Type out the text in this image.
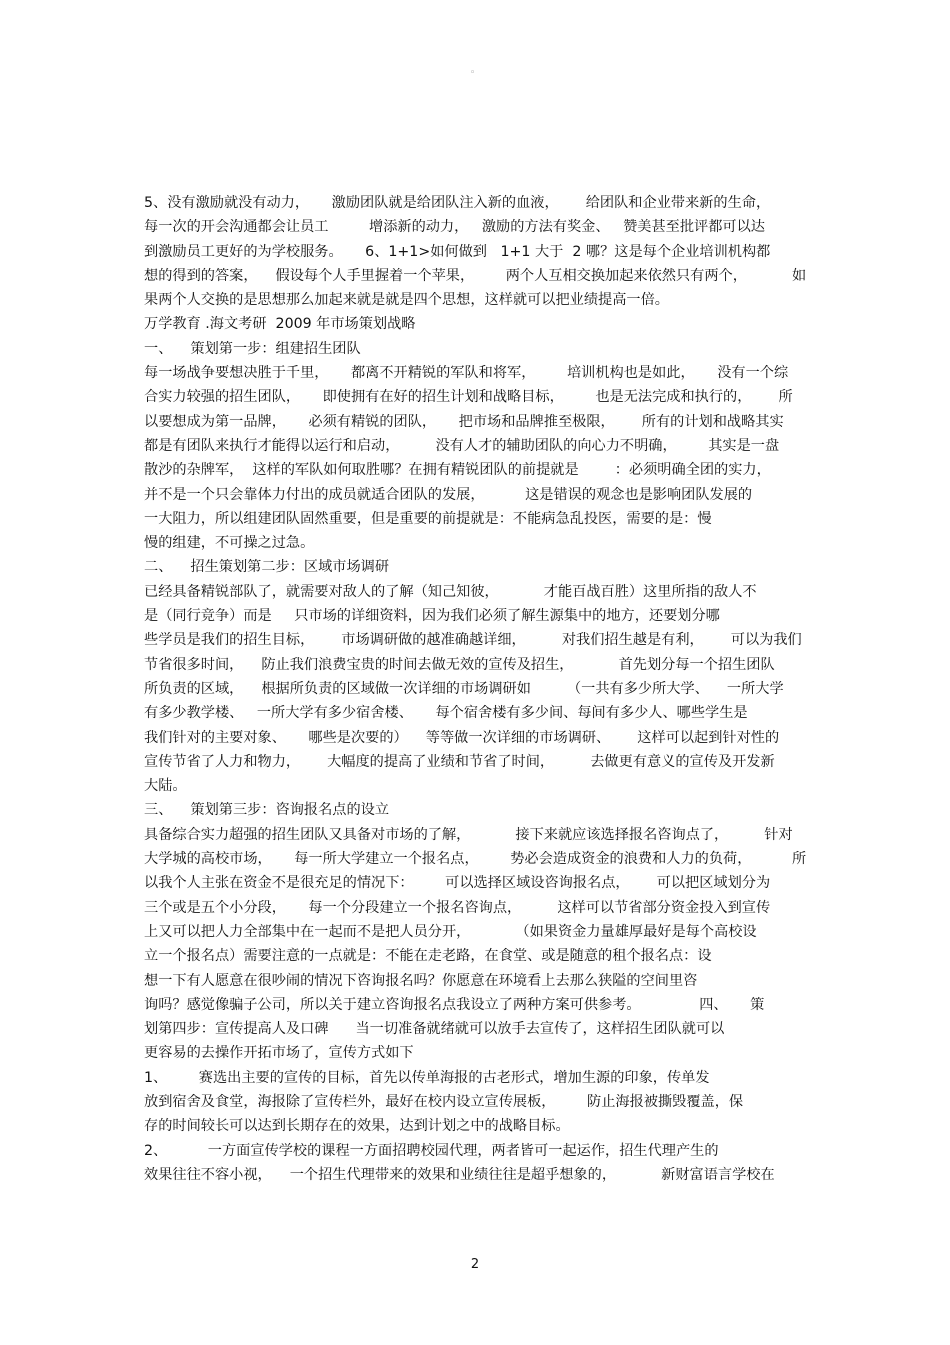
◦
5、没有激励就没有动力，     激励团队就是给团队注入新的血液，      给团队和企业带来新的生命，
每一次的开会沟通都会让员工         增添新的动力，   激励的方法有奖金、   赞美甚至批评都可以达
到激励员工更好的为学校服务。     6、1+1>如何做到   1+1 大于  2 哪？这是每个企业培训机构都
想的得到的答案，    假设每个人手里握着一个苹果，       两个人互相交换加起来依然只有两个，          如
果两个人交换的是思想那么加起来就是就是四个思想，这样就可以把业绩提高一倍。
万学教育 .海文考研  2009 年市场策划战略
一、    策划第一步：组建招生团队
每一场战争要想决胜于千里，     都离不开精锐的军队和将军，       培训机构也是如此，     没有一个综
合实力较强的招生团队，     即使拥有在好的招生计划和战略目标，       也是无法完成和执行的，      所
以要想成为第一品牌，     必须有精锐的团队，     把市场和品牌推至极限，      所有的计划和战略其实
都是有团队来执行才能得以运行和启动，        没有人才的辅助团队的向心力不明确，       其实是一盘
散沙的杂牌军，  这样的军队如何取胜哪？在拥有精锐团队的前提就是        ：必须明确全团的实力，
并不是一个只会靠体力付出的成员就适合团队的发展，         这是错误的观念也是影响团队发展的
一大阻力，所以组建团队固然重要，但是重要的前提就是：不能病急乱投医，需要的是：慢
慢的组建，不可操之过急。
二、    招生策划第二步：区域市场调研
已经具备精锐部队了，就需要对敌人的了解（知己知彼，          才能百战百胜）这里所指的敌人不
是（同行竞争）而是     只市场的详细资料，因为我们必须了解生源集中的地方，还要划分哪
些学员是我们的招生目标，      市场调研做的越准确越详细，        对我们招生越是有利，      可以为我们
节省很多时间，    防止我们浪费宝贵的时间去做无效的宣传及招生，          首先划分每一个招生团队
所负责的区域，    根据所负责的区域做一次详细的市场调研如        （一共有多少所大学、    一所大学
有多少教学楼、   一所大学有多少宿舍楼、     每个宿舍楼有多少间、每间有多少人、哪些学生是
我们针对的主要对象、     哪些是次要的）    等等做一次详细的市场调研、      这样可以起到针对性的
宣传节省了人力和物力，      大幅度的提高了业绩和节省了时间，        去做更有意义的宣传及开发新
大陆。
三、    策划第三步：咨询报名点的设立
具备综合实力超强的招生团队又具备对市场的了解，          接下来就应该选择报名咨询点了，        针对
大学城的高校市场，     每一所大学建立一个报名点，       势必会造成资金的浪费和人力的负荷，         所
以我个人主张在资金不是很充足的情况下：       可以选择区域设咨询报名点，      可以把区域划分为
三个或是五个小分段，     每一个分段建立一个报名咨询点，        这样可以节省部分资金投入到宣传
上又可以把人力全部集中在一起而不是把人员分开，          （如果资金力量雄厚最好是每个高校设
立一个报名点）需要注意的一点就是：不能在走老路，在食堂、或是随意的租个报名点：设
想一下有人愿意在很吵闹的情况下咨询报名吗？你愿意在环境看上去那么狭隘的空间里咨
询吗？感觉像骗子公司，所以关于建立咨询报名点我设立了两种方案可供参考。             四、     策
划第四步：宣传提高人及口碑      当一切准备就绪就可以放手去宣传了，这样招生团队就可以
更容易的去操作开拓市场了，宣传方式如下
1、       赛选出主要的宣传的目标，首先以传单海报的古老形式，增加生源的印象，传单发
放到宿舍及食堂，海报除了宣传栏外，最好在校内设立宣传展板，       防止海报被撕毁覆盖，保
存的时间较长可以达到长期存在的效果，达到计划之中的战略目标。
2、         一方面宣传学校的课程一方面招聘校园代理，两者皆可一起运作，招生代理产生的
效果往往不容小视，    一个招生代理带来的效果和业绩往往是超乎想象的，          新财富语言学校在
2
